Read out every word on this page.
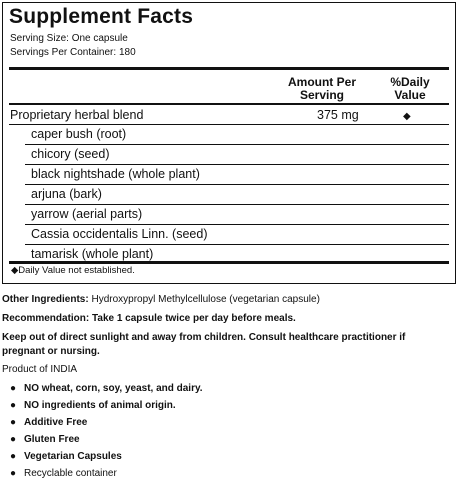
Supplement Facts
Serving Size: One capsule
Servings Per Container: 180
Amount Per
Serving
%Daily
Value
Proprietary herbal blend	375 mg	◆
caper bush (root)
chicory (seed)
black nightshade (whole plant)
arjuna (bark)
yarrow (aerial parts)
Cassia occidentalis Linn. (seed)
tamarisk (whole plant)
◆Daily Value not established.
Other Ingredients: Hydroxypropyl Methylcellulose (vegetarian capsule)
Recommendation: Take 1 capsule twice per day before meals.
Keep out of direct sunlight and away from children. Consult healthcare practitioner if
pregnant or nursing.
Product of INDIA
● NO wheat, corn, soy, yeast, and dairy.
● NO ingredients of animal origin.
● Additive Free
● Gluten Free
● Vegetarian Capsules
● Recyclable container
